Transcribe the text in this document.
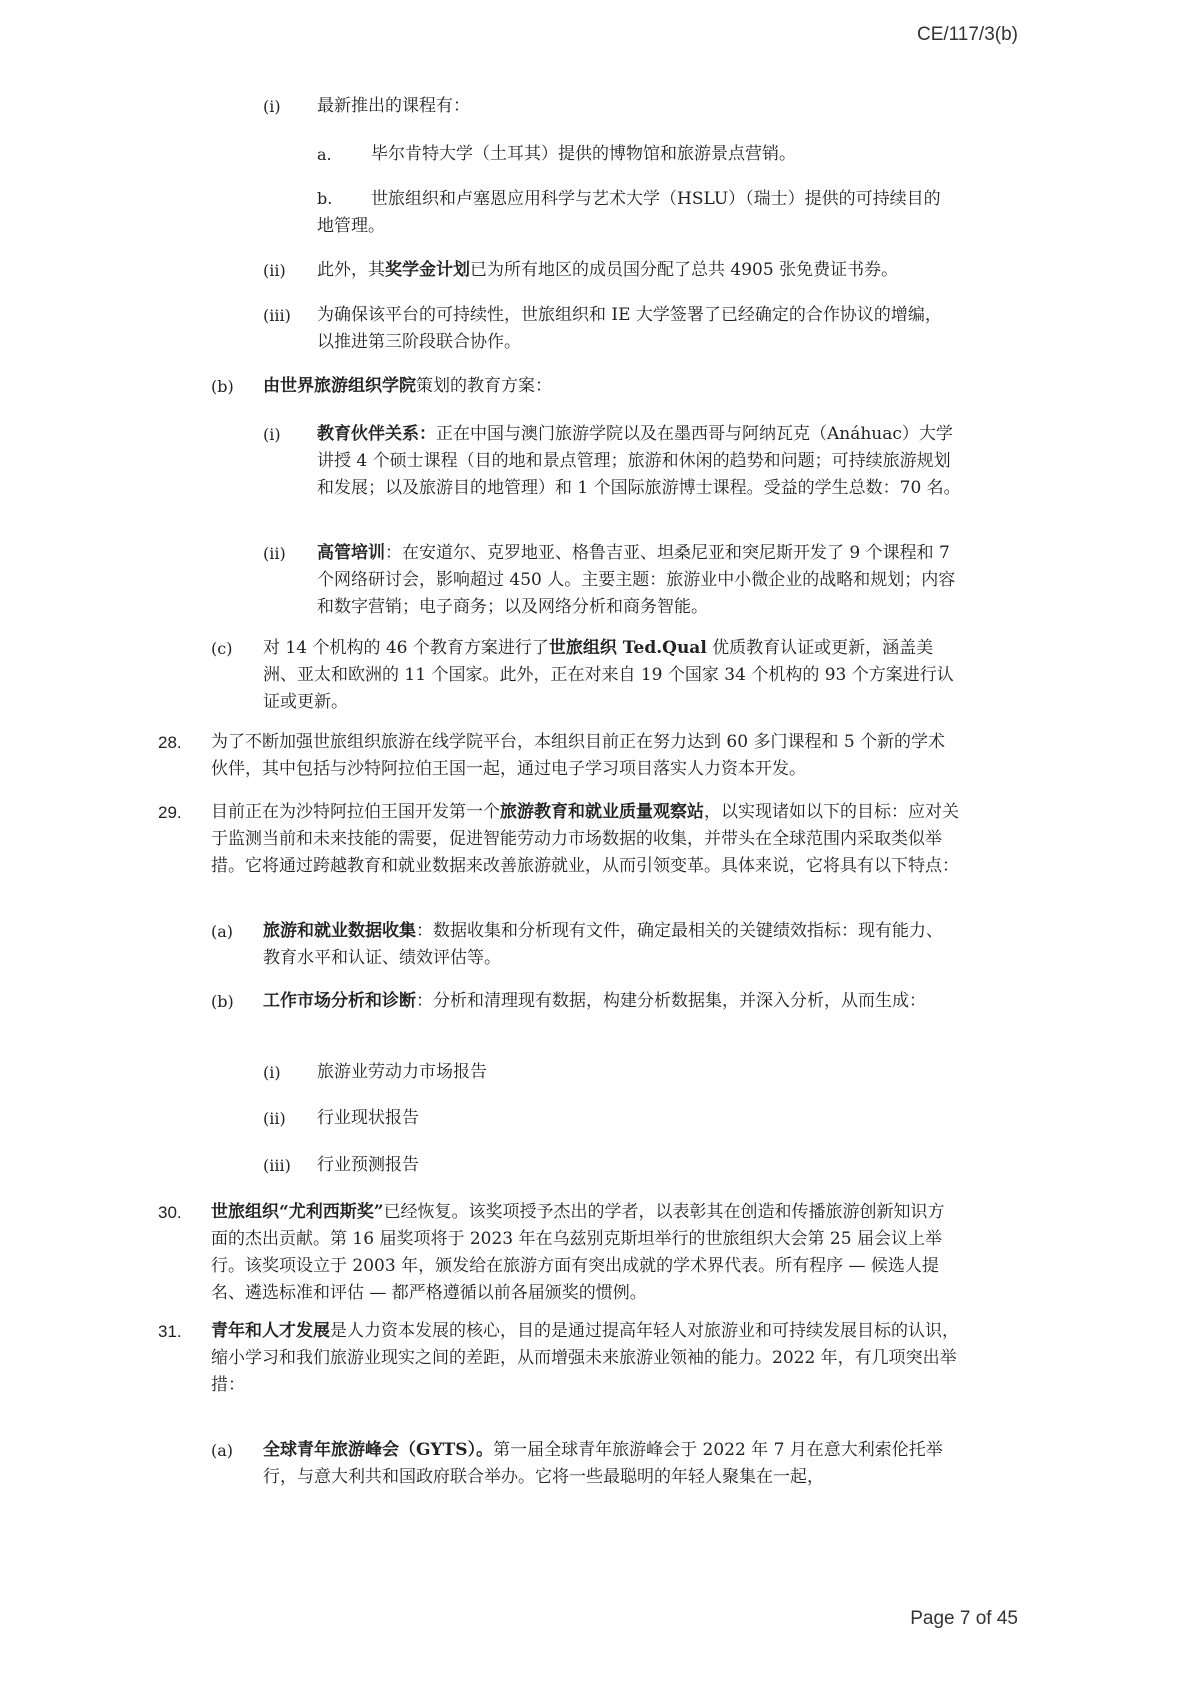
CE/117/3(b)
(i) 最新推出的课程有：
a. 毕尔肯特大学（土耳其）提供的博物馆和旅游景点营销。
b. 世旅组织和卢塞恩应用科学与艺术大学（HSLU）（瑞士）提供的可持续目的地管理。
(ii) 此外，其奖学金计划已为所有地区的成员国分配了总共 4905 张免费证书券。
(iii) 为确保该平台的可持续性，世旅组织和 IE 大学签署了已经确定的合作协议的增编，以推进第三阶段联合协作。
(b) 由世界旅游组织学院策划的教育方案：
(i) 教育伙伴关系：正在中国与澳门旅游学院以及在墨西哥与阿纳瓦克（Anáhuac）大学讲授 4 个硕士课程（目的地和景点管理；旅游和休闲的趋势和问题；可持续旅游规划和发展；以及旅游目的地管理）和 1 个国际旅游博士课程。受益的学生总数：70 名。
(ii) 高管培训：在安道尔、克罗地亚、格鲁吉亚、坦桑尼亚和突尼斯开发了 9 个课程和 7 个网络研讨会，影响超过 450 人。主要主题：旅游业中小微企业的战略和规划；内容和数字营销；电子商务；以及网络分析和商务智能。
(c) 对 14 个机构的 46 个教育方案进行了世旅组织 Ted.Qual 优质教育认证或更新，涵盖美洲、亚太和欧洲的 11 个国家。此外，正在对来自 19 个国家 34 个机构的 93 个方案进行认证或更新。
28. 为了不断加强世旅组织旅游在线学院平台，本组织目前正在努力达到 60 多门课程和 5 个新的学术伙伴，其中包括与沙特阿拉伯王国一起，通过电子学习项目落实人力资本开发。
29. 目前正在为沙特阿拉伯王国开发第一个旅游教育和就业质量观察站，以实现诸如以下的目标：应对关于监测当前和未来技能的需要，促进智能劳动力市场数据的收集，并带头在全球范围内采取类似举措。它将通过跨越教育和就业数据来改善旅游就业，从而引领变革。具体来说，它将具有以下特点：
(a) 旅游和就业数据收集：数据收集和分析现有文件，确定最相关的关键绩效指标：现有能力、教育水平和认证、绩效评估等。
(b) 工作市场分析和诊断：分析和清理现有数据，构建分析数据集，并深入分析，从而生成：
(i) 旅游业劳动力市场报告
(ii) 行业现状报告
(iii) 行业预测报告
30. 世旅组织“尤利西斯奖”已经恢复。该奖项授予杰出的学者，以表彰其在创造和传播旅游创新知识方面的杰出贡献。第 16 届奖项将于 2023 年在乌兹别克斯坦举行的世旅组织大会第 25 届会议上举行。该奖项设立于 2003 年，颁发给在旅游方面有突出成就的学术界代表。所有程序 — 候选人提名、遴选标准和评估 — 都严格遵循以前各届颁奖的惯例。
31. 青年和人才发展是人力资本发展的核心，目的是通过提高年轻人对旅游业和可持续发展目标的认识，缩小学习和我们旅游业现实之间的差距，从而增强未来旅游业领袖的能力。2022 年，有几项突出举措：
(a) 全球青年旅游峰会（GYTS）。第一届全球青年旅游峰会于 2022 年 7 月在意大利索伦托举行，与意大利共和国政府联合举办。它将一些最聪明的年轻人聚集在一起，
Page 7 of 45
